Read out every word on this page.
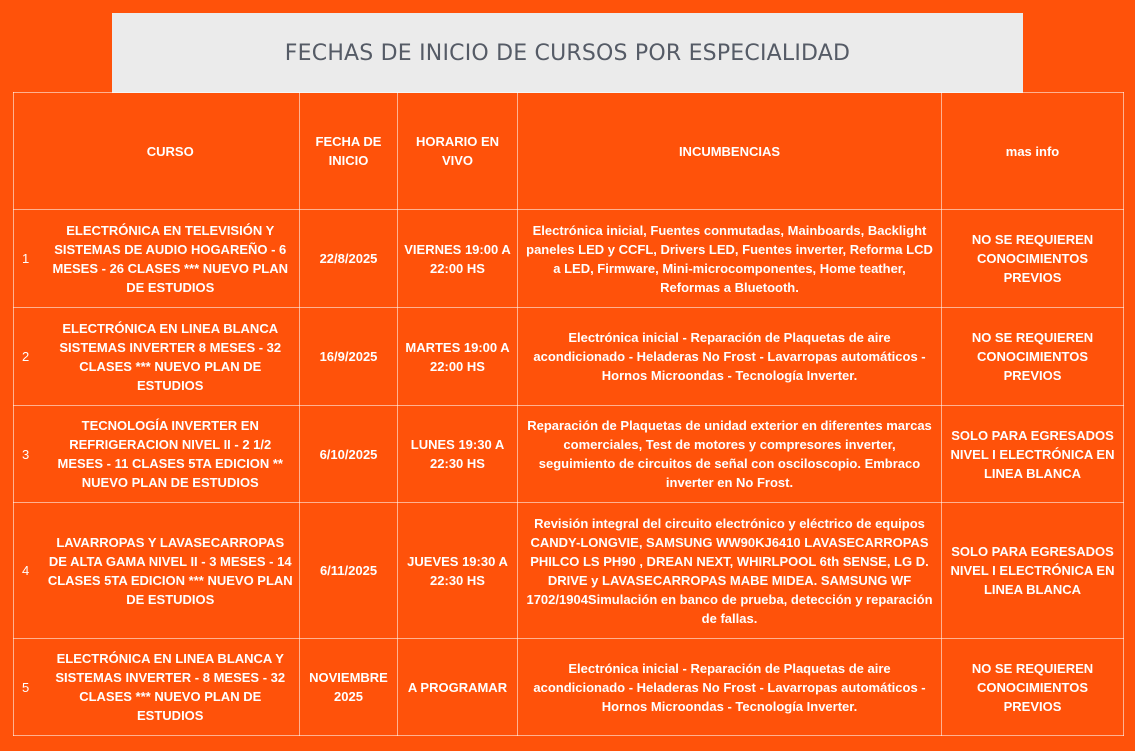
FECHAS DE INICIO DE CURSOS POR ESPECIALIDAD
	CURSO	FECHA DE INICIO	HORARIO EN VIVO	INCUMBENCIAS	mas info
1	ELECTRÓNICA EN TELEVISIÓN Y SISTEMAS DE AUDIO HOGAREÑO - 6 MESES - 26 CLASES *** NUEVO PLAN DE ESTUDIOS	22/8/2025	VIERNES 19:00 A 22:00 HS	Electrónica inicial, Fuentes conmutadas, Mainboards, Backlight paneles LED y CCFL, Drivers LED, Fuentes inverter, Reforma LCD a LED, Firmware, Mini-microcomponentes, Home teather, Reformas a Bluetooth.	NO SE REQUIEREN CONOCIMIENTOS PREVIOS
2	ELECTRÓNICA EN LINEA BLANCA SISTEMAS INVERTER 8 MESES - 32 CLASES *** NUEVO PLAN DE ESTUDIOS	16/9/2025	MARTES 19:00 A 22:00 HS	Electrónica inicial - Reparación de Plaquetas de aire acondicionado - Heladeras No Frost - Lavarropas automáticos - Hornos Microondas - Tecnología Inverter.	NO SE REQUIEREN CONOCIMIENTOS PREVIOS
3	TECNOLOGÍA INVERTER EN REFRIGERACION NIVEL II - 2 1/2 MESES - 11 CLASES 5TA EDICION ** NUEVO PLAN DE ESTUDIOS	6/10/2025	LUNES 19:30 A 22:30 HS	Reparación de Plaquetas de unidad exterior en diferentes marcas comerciales, Test de motores y compresores inverter, seguimiento de circuitos de señal con osciloscopio. Embraco inverter en No Frost.	SOLO PARA EGRESADOS NIVEL I ELECTRÓNICA EN LINEA BLANCA
4	LAVARROPAS Y LAVASECARROPAS DE ALTA GAMA NIVEL II - 3 MESES - 14 CLASES 5TA EDICION *** NUEVO PLAN DE ESTUDIOS	6/11/2025	JUEVES 19:30 A 22:30 HS	Revisión integral del circuito electrónico y eléctrico de equipos CANDY-LONGVIE, SAMSUNG WW90KJ6410 LAVASECARROPAS PHILCO LS PH90 , DREAN NEXT, WHIRLPOOL 6th SENSE, LG D. DRIVE y LAVASECARROPAS MABE MIDEA. SAMSUNG WF 1702/1904Simulación en banco de prueba, detección y reparación de fallas.	SOLO PARA EGRESADOS NIVEL I ELECTRÓNICA EN LINEA BLANCA
5	ELECTRÓNICA EN LINEA BLANCA Y SISTEMAS INVERTER - 8 MESES - 32 CLASES *** NUEVO PLAN DE ESTUDIOS	NOVIEMBRE 2025	A PROGRAMAR	Electrónica inicial - Reparación de Plaquetas de aire acondicionado - Heladeras No Frost - Lavarropas automáticos - Hornos Microondas - Tecnología Inverter.	NO SE REQUIEREN CONOCIMIENTOS PREVIOS
